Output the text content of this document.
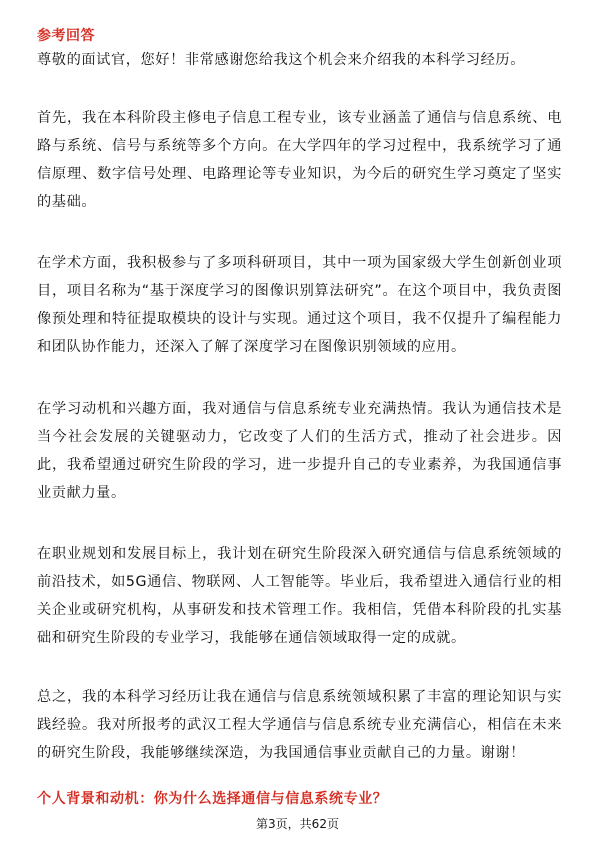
参考回答

尊敬的面试官，您好！非常感谢您给我这个机会来介绍我的本科学习经历。

首先，我在本科阶段主修电子信息工程专业，该专业涵盖了通信与信息系统、电路与系统、信号与系统等多个方向。在大学四年的学习过程中，我系统学习了通信原理、数字信号处理、电路理论等专业知识，为今后的研究生学习奠定了坚实的基础。

在学术方面，我积极参与了多项科研项目，其中一项为国家级大学生创新创业项目，项目名称为“基于深度学习的图像识别算法研究”。在这个项目中，我负责图像预处理和特征提取模块的设计与实现。通过这个项目，我不仅提升了编程能力和团队协作能力，还深入了解了深度学习在图像识别领域的应用。

在学习动机和兴趣方面，我对通信与信息系统专业充满热情。我认为通信技术是当今社会发展的关键驱动力，它改变了人们的生活方式，推动了社会进步。因此，我希望通过研究生阶段的学习，进一步提升自己的专业素养，为我国通信事业贡献力量。

在职业规划和发展目标上，我计划在研究生阶段深入研究通信与信息系统领域的前沿技术，如5G通信、物联网、人工智能等。毕业后，我希望进入通信行业的相关企业或研究机构，从事研发和技术管理工作。我相信，凭借本科阶段的扎实基础和研究生阶段的专业学习，我能够在通信领域取得一定的成就。

总之，我的本科学习经历让我在通信与信息系统领域积累了丰富的理论知识与实践经验。我对所报考的武汉工程大学通信与信息系统专业充满信心，相信在未来的研究生阶段，我能够继续深造，为我国通信事业贡献自己的力量。谢谢！

个人背景和动机：你为什么选择通信与信息系统专业？
第3页，共62页
